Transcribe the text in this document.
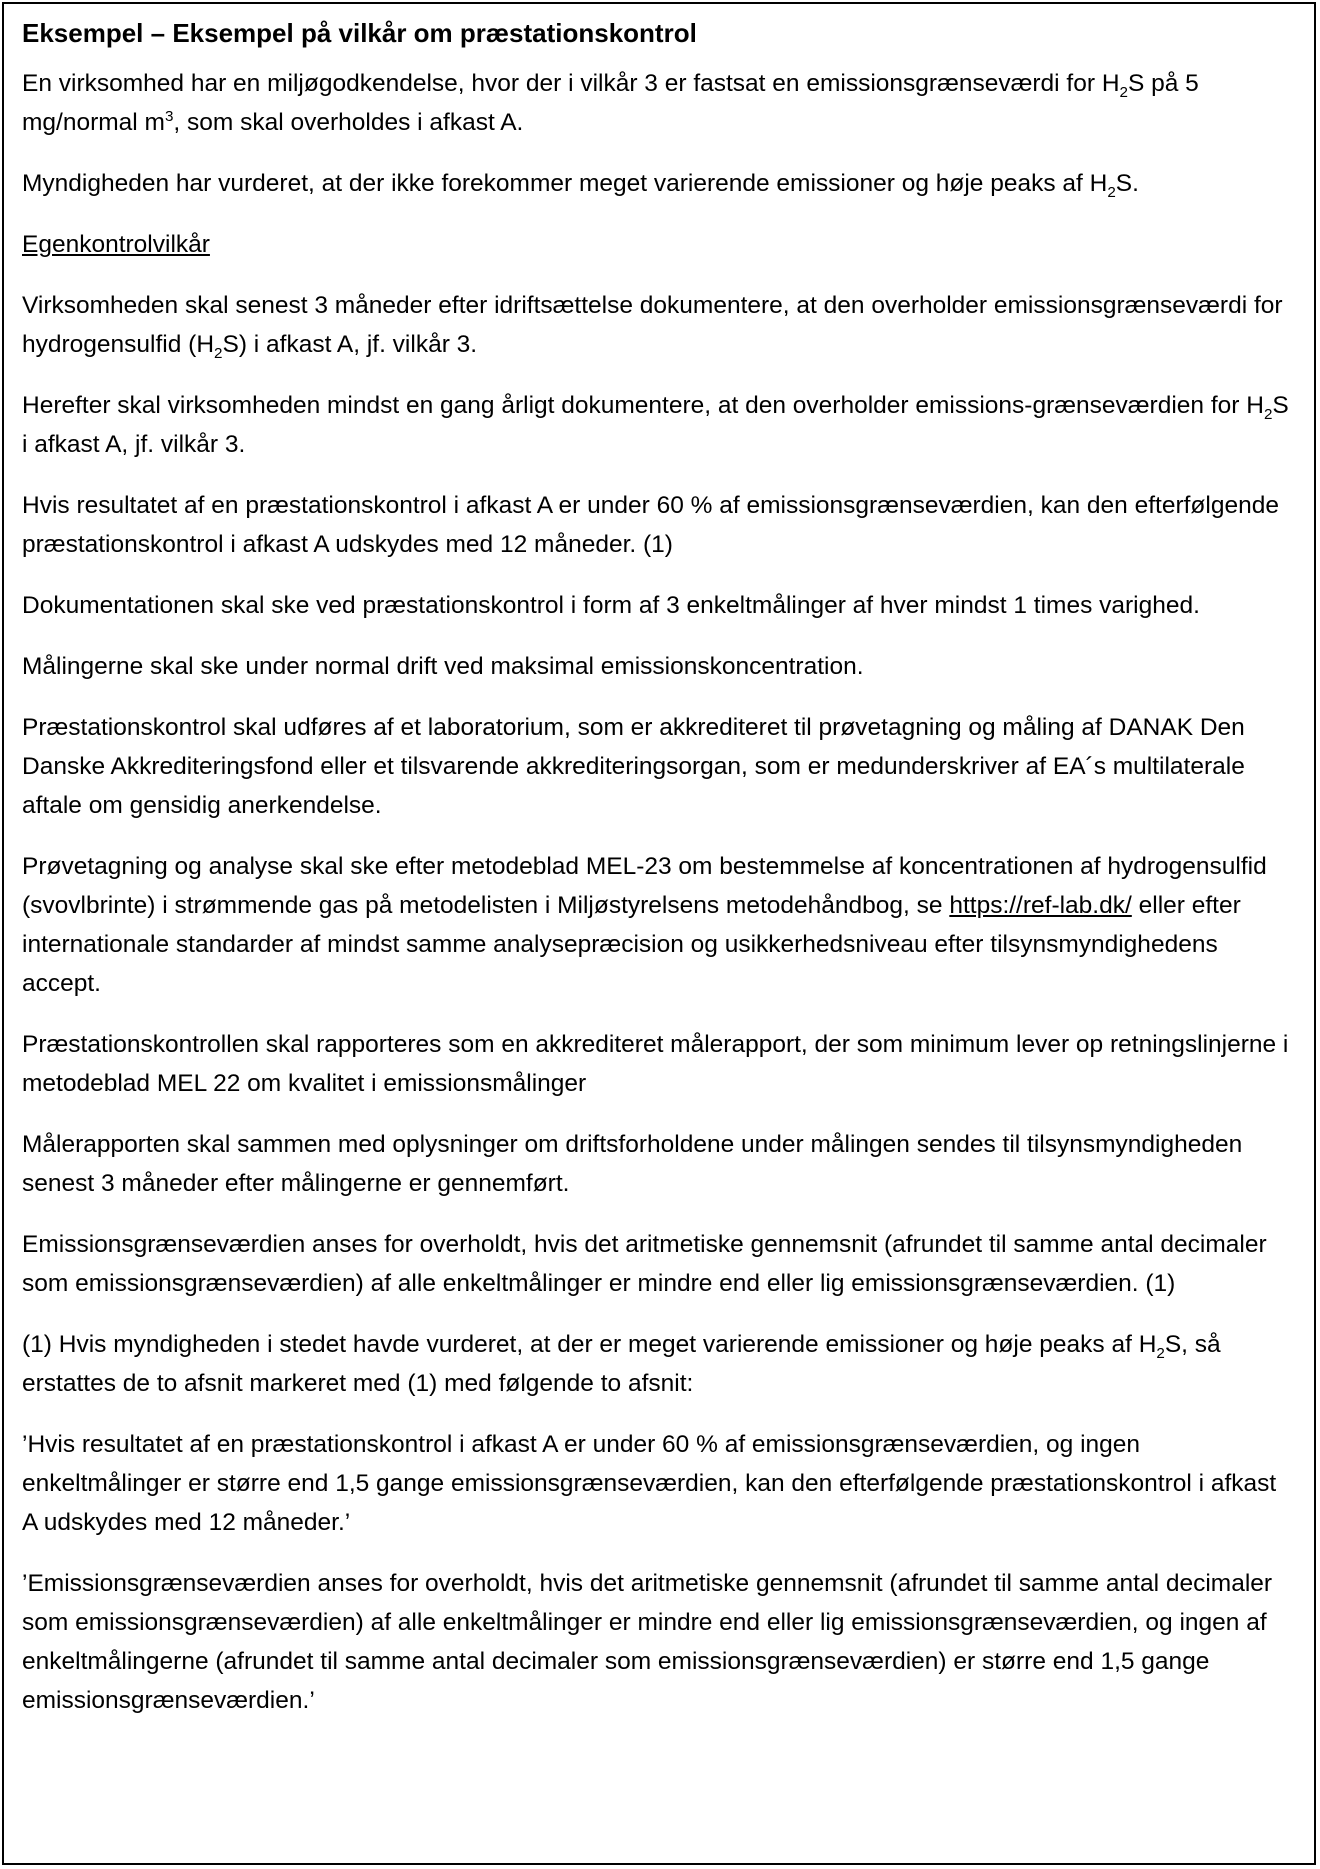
Eksempel – Eksempel på vilkår om præstationskontrol

En virksomhed har en miljøgodkendelse, hvor der i vilkår 3 er fastsat en emissionsgrænseværdi for $H_2S$ på 5 mg/normal $m^3$, som skal overholdes i afkast A.

Myndigheden har vurderet, at der ikke forekommer meget varierende emissioner og høje peaks af $H_2S$.

Egenkontrolvilkår

Virksomheden skal senest 3 måneder efter idriftsættelse dokumentere, at den overholder emissionsgrænseværdi for hydrogensulfid $(H_2S)$ i afkast A, jf. vilkår 3.

Herefter skal virksomheden mindst en gang årligt dokumentere, at den overholder emissions-grænseværdien for $H_2S$ i afkast A, jf. vilkår 3.

Hvis resultatet af en præstationskontrol i afkast A er under 60 % af emissionsgrænseværdien, kan den efterfølgende præstationskontrol i afkast A udskydes med 12 måneder. (1)

Dokumentationen skal ske ved præstationskontrol i form af 3 enkeltmålinger af hver mindst 1 times varighed.

Målingerne skal ske under normal drift ved maksimal emissionskoncentration.

Præstationskontrol skal udføres af et laboratorium, som er akkrediteret til prøvetagning og måling af DANAK Den Danske Akkrediteringsfond eller et tilsvarende akkrediteringsorgan, som er medunderskriver af EA´s multilaterale aftale om gensidig anerkendelse.

Prøvetagning og analyse skal ske efter metodeblad MEL-23 om bestemmelse af koncentrationen af hydrogensulfid (svovlbrinte) i strømmende gas på metodelisten i Miljøstyrelsens metodehåndbog, se https://ref-lab.dk/ eller efter internationale standarder af mindst samme analysepræcision og usikkerhedsniveau efter tilsynsmyndighedens accept.

Præstationskontrollen skal rapporteres som en akkrediteret målerapport, der som minimum lever op retningslinjerne i metodeblad MEL 22 om kvalitet i emissionsmålinger

Målerapporten skal sammen med oplysninger om driftsforholdene under målingen sendes til tilsynsmyndigheden senest 3 måneder efter målingerne er gennemført.

Emissionsgrænseværdien anses for overholdt, hvis det aritmetiske gennemsnit (afrundet til samme antal decimaler som emissionsgrænseværdien) af alle enkeltmålinger er mindre end eller lig emissionsgrænseværdien. (1)

(1) Hvis myndigheden i stedet havde vurderet, at der er meget varierende emissioner og høje peaks af $H_2S$, så erstattes de to afsnit markeret med (1) med følgende to afsnit:

’Hvis resultatet af en præstationskontrol i afkast A er under 60 % af emissionsgrænseværdien, og ingen enkeltmålinger er større end 1,5 gange emissionsgrænseværdien, kan den efterfølgende præstationskontrol i afkast A udskydes med 12 måneder.’

’Emissionsgrænseværdien anses for overholdt, hvis det aritmetiske gennemsnit (afrundet til samme antal decimaler som emissionsgrænseværdien) af alle enkeltmålinger er mindre end eller lig emissionsgrænseværdien, og ingen af enkeltmålingerne (afrundet til samme antal decimaler som emissionsgrænseværdien) er større end 1,5 gange emissionsgrænseværdien.’
